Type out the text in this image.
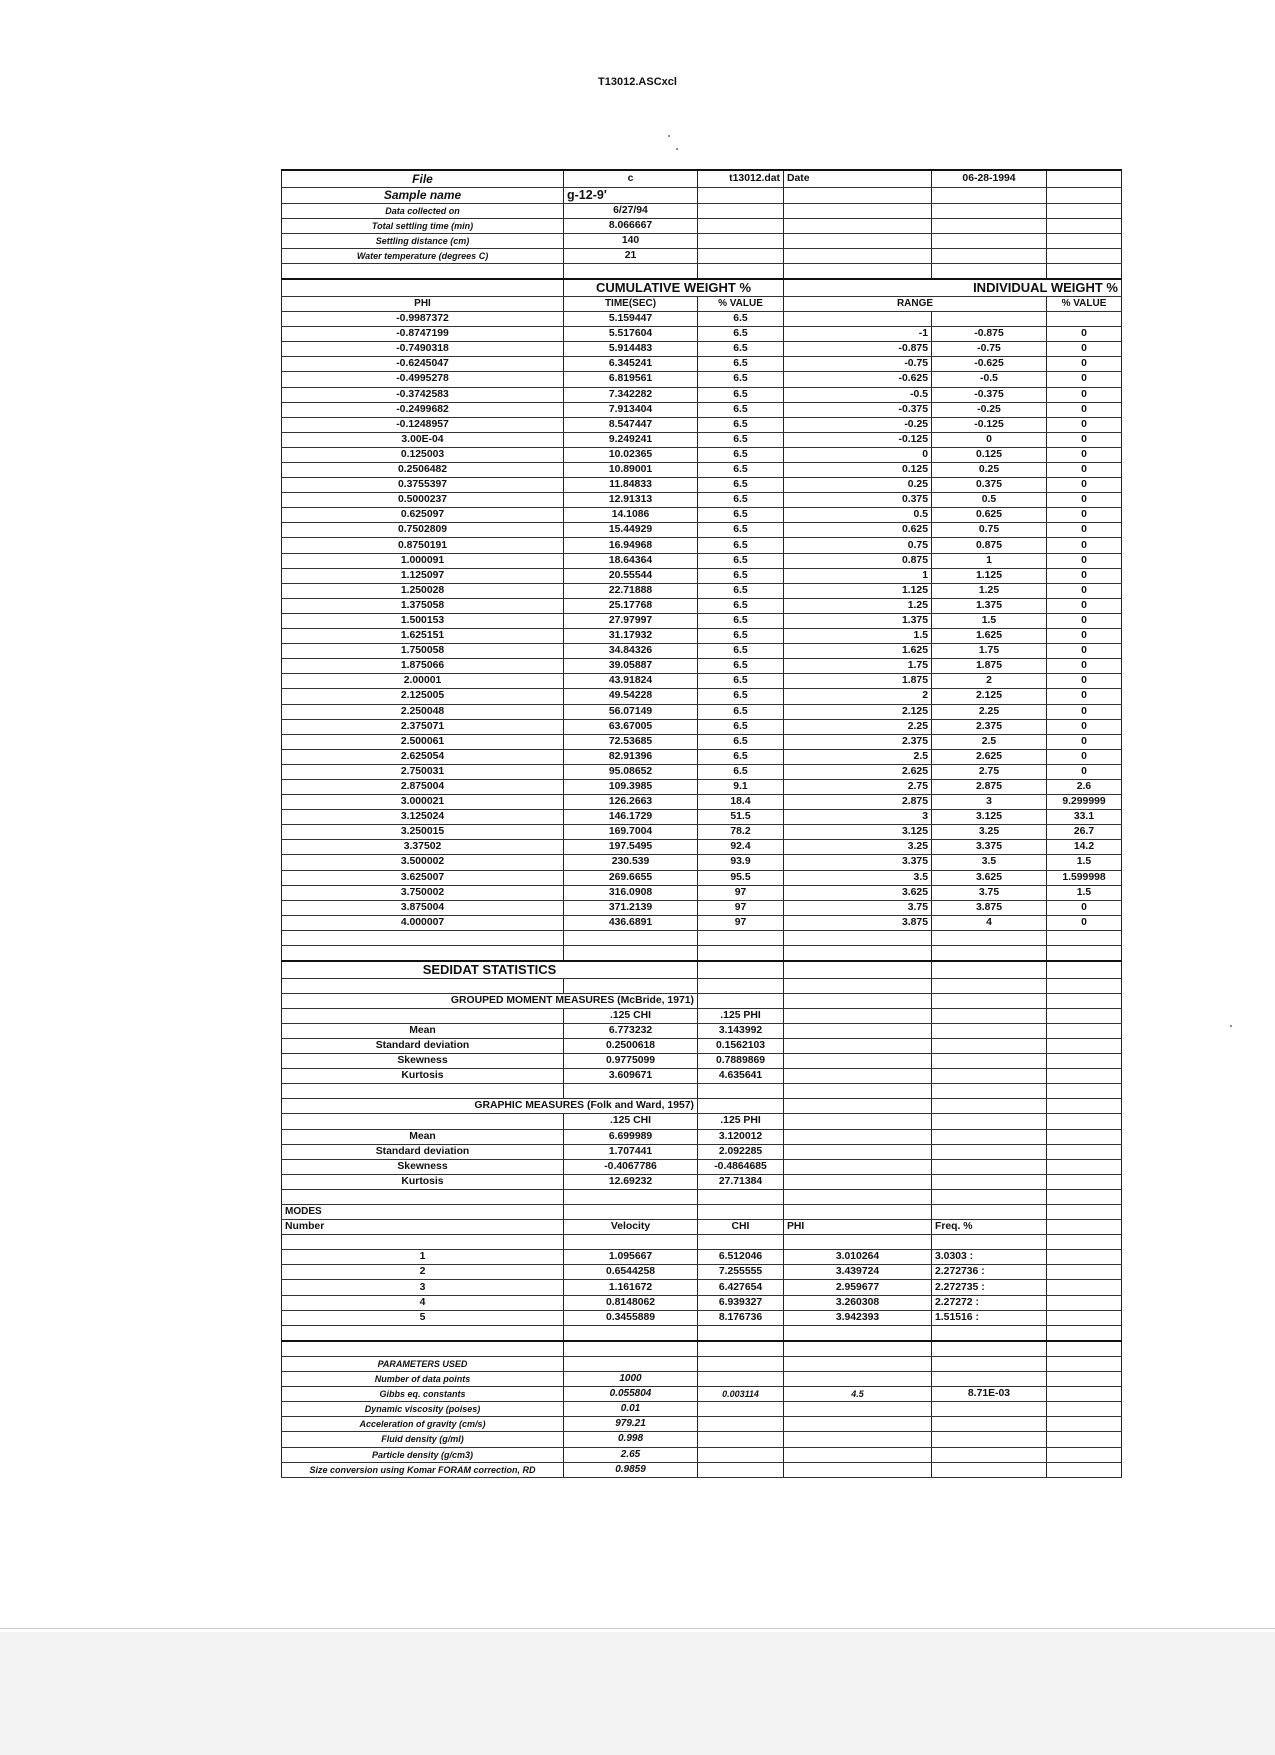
T13012.ASCxcl
File	c	t13012.dat	Date	06-28-1994	
Sample name	g-12-9'				
Data collected on	6/27/94				
Total settling time (min)	8.066667				
Settling distance (cm)	140				
Water temperature (degrees C)	21				

	CUMULATIVE WEIGHT %		INDIVIDUAL WEIGHT %		
PHI	TIME(SEC)	% VALUE	RANGE		% VALUE
-0.9987372	5.159447	6.5			
-0.8747199	5.517604	6.5	-1	-0.875	0
-0.7490318	5.914483	6.5	-0.875	-0.75	0
-0.6245047	6.345241	6.5	-0.75	-0.625	0
-0.4995278	6.819561	6.5	-0.625	-0.5	0
-0.3742583	7.342282	6.5	-0.5	-0.375	0
-0.2499682	7.913404	6.5	-0.375	-0.25	0
-0.1248957	8.547447	6.5	-0.25	-0.125	0
3.00E-04	9.249241	6.5	-0.125	0	0
0.125003	10.02365	6.5	0	0.125	0
0.2506482	10.89001	6.5	0.125	0.25	0
0.3755397	11.84833	6.5	0.25	0.375	0
0.5000237	12.91313	6.5	0.375	0.5	0
0.625097	14.1086	6.5	0.5	0.625	0
0.7502809	15.44929	6.5	0.625	0.75	0
0.8750191	16.94968	6.5	0.75	0.875	0
1.000091	18.64364	6.5	0.875	1	0
1.125097	20.55544	6.5	1	1.125	0
1.250028	22.71888	6.5	1.125	1.25	0
1.375058	25.17768	6.5	1.25	1.375	0
1.500153	27.97997	6.5	1.375	1.5	0
1.625151	31.17932	6.5	1.5	1.625	0
1.750058	34.84326	6.5	1.625	1.75	0
1.875066	39.05887	6.5	1.75	1.875	0
2.00001	43.91824	6.5	1.875	2	0
2.125005	49.54228	6.5	2	2.125	0
2.250048	56.07149	6.5	2.125	2.25	0
2.375071	63.67005	6.5	2.25	2.375	0
2.500061	72.53685	6.5	2.375	2.5	0
2.625054	82.91396	6.5	2.5	2.625	0
2.750031	95.08652	6.5	2.625	2.75	0
2.875004	109.3985	9.1	2.75	2.875	2.6
3.000021	126.2663	18.4	2.875	3	9.299999
3.125024	146.1729	51.5	3	3.125	33.1
3.250015	169.7004	78.2	3.125	3.25	26.7
3.37502	197.5495	92.4	3.25	3.375	14.2
3.500002	230.539	93.9	3.375	3.5	1.5
3.625007	269.6655	95.5	3.5	3.625	1.599998
3.750002	316.0908	97	3.625	3.75	1.5
3.875004	371.2139	97	3.75	3.875	0
4.000007	436.6891	97	3.875	4	0

SEDIDAT STATISTICS					

GROUPED MOMENT MEASURES (McBride, 1971)					
	.125 CHI	.125 PHI			
Mean	6.773232	3.143992			
Standard deviation	0.2500618	0.1562103			
Skewness	0.9775099	0.7889869			
Kurtosis	3.609671	4.635641			

GRAPHIC MEASURES (Folk and Ward, 1957)					
	.125 CHI	.125 PHI			
Mean	6.699989	3.120012			
Standard deviation	1.707441	2.092285			
Skewness	-0.4067786	-0.4864685			
Kurtosis	12.69232	27.71384			

MODES					
Number	Velocity	CHI	PHI	Freq. %	

1	1.095667	6.512046	3.010264	3.0303 :	
2	0.6544258	7.255555	3.439724	2.272736 :	
3	1.161672	6.427654	2.959677	2.272735 :	
4	0.8148062	6.939327	3.260308	2.27272 :	
5	0.3455889	8.176736	3.942393	1.51516 :	

PARAMETERS USED					
Number of data points	1000				
Gibbs eq. constants	0.055804	0.003114	4.5	8.71E-03	
Dynamic viscosity (poises)	0.01				
Acceleration of gravity (cm/s)	979.21				
Fluid density (g/ml)	0.998				
Particle density (g/cm3)	2.65				
Size conversion using Komar FORAM correction, RD	0.9859				
